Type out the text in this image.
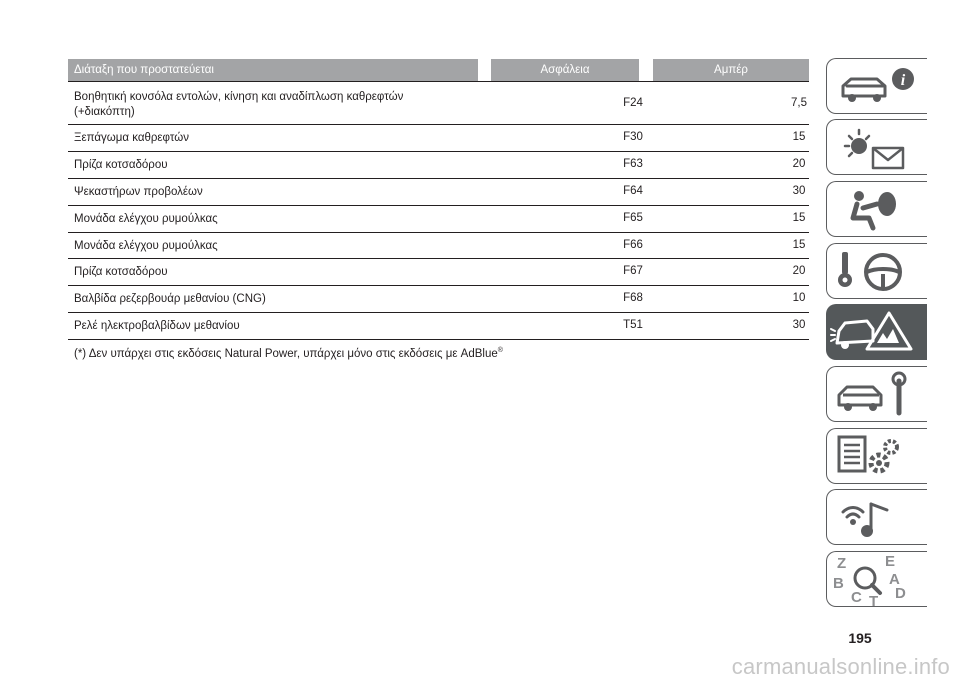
Διάταξη που προστατεύεται	Ασφάλεια	Αμπέρ
Βοηθητική κονσόλα εντολών, κίνηση και αναδίπλωση καθρεφτών
(+διακόπτη)
F24	7,5
Ξεπάγωμα καθρεφτών	F30	15
Πρίζα κοτσαδόρου	F63	20
Ψεκαστήρων προβολέων	F64	30
Μονάδα ελέγχου ρυμούλκας	F65	15
Μονάδα ελέγχου ρυμούλκας	F66	15
Πρίζα κοτσαδόρου	F67	20
Βαλβίδα ρεζερβουάρ μεθανίου (CNG)	F68	10
Ρελέ ηλεκτροβαλβίδων μεθανίου	T51	30
(*) Δεν υπάρχει στις εκδόσεις Natural Power, υπάρχει μόνο στις εκδόσεις με AdBlue®
i
Z	E
B	A
C T D
195
carmanualsonline.info
